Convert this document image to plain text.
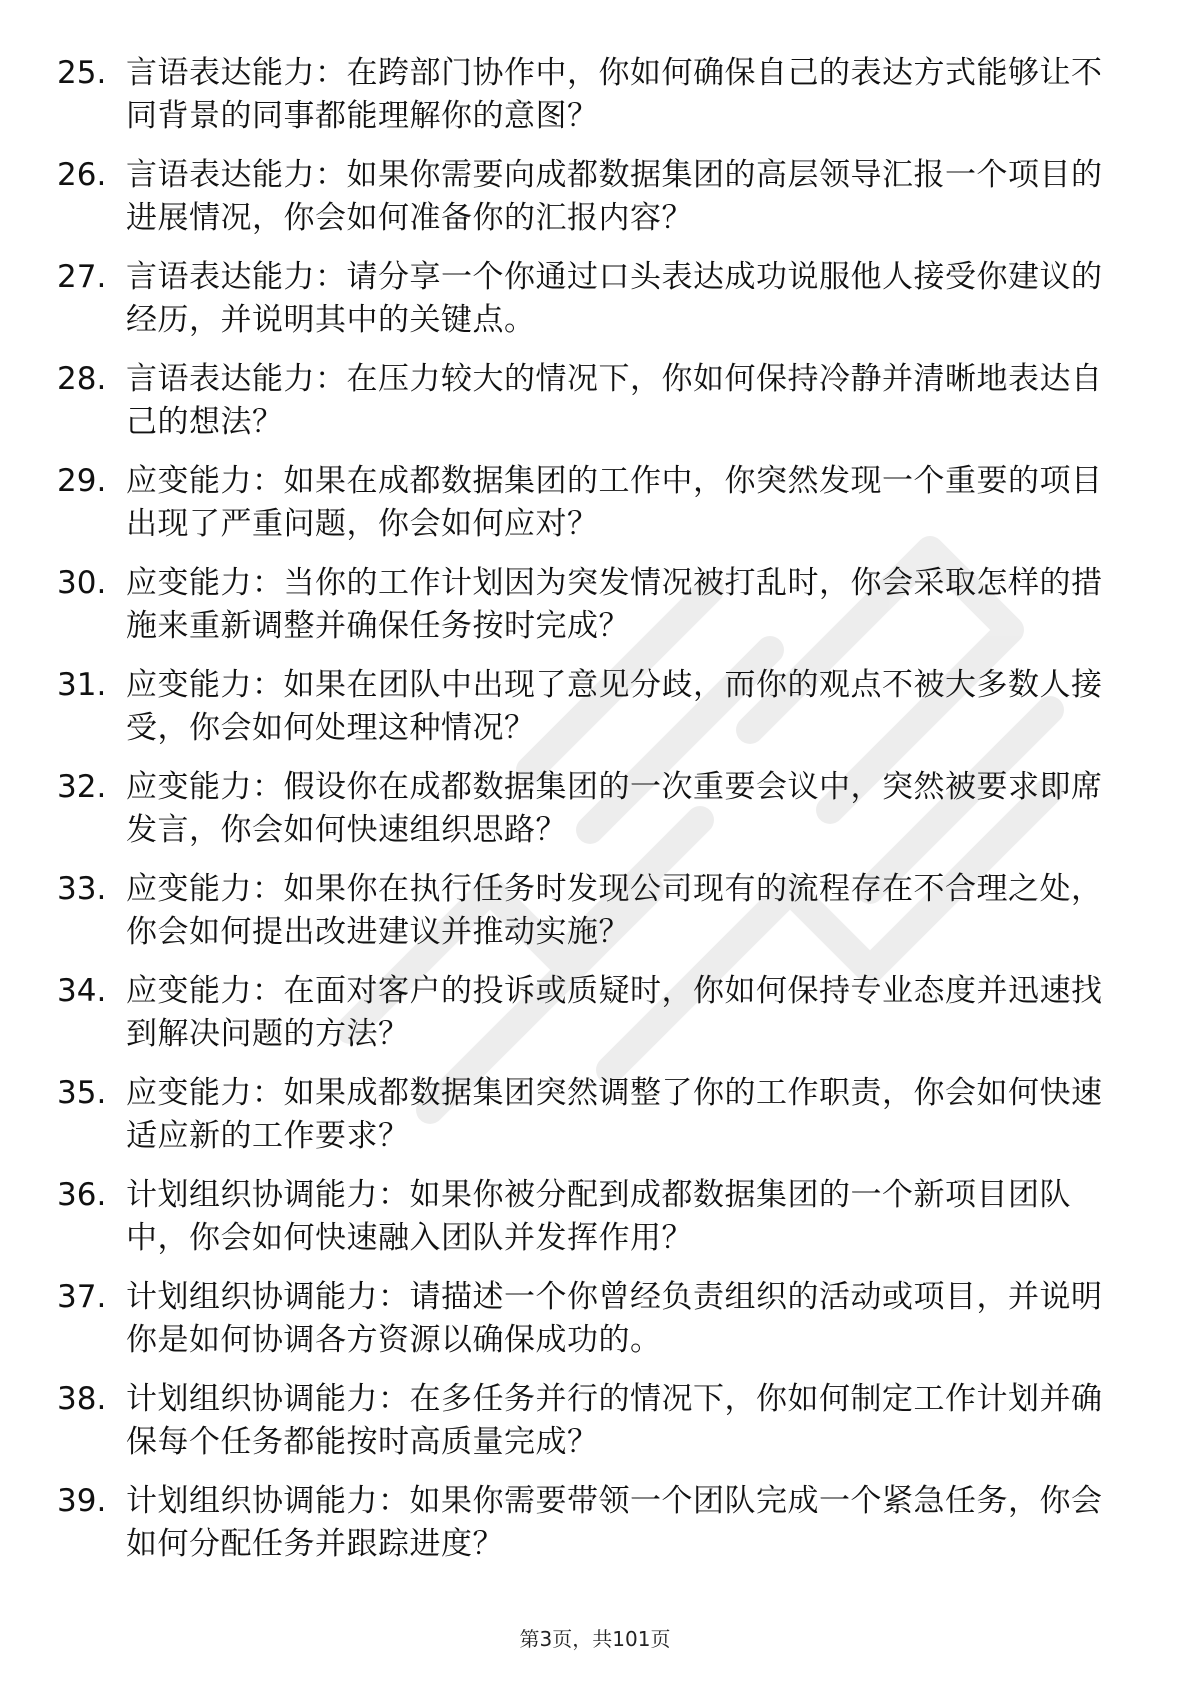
25. 言语表达能力：在跨部门协作中，你如何确保自己的表达方式能够让不同背景的同事都能理解你的意图？
26. 言语表达能力：如果你需要向成都数据集团的高层领导汇报一个项目的进展情况，你会如何准备你的汇报内容？
27. 言语表达能力：请分享一个你通过口头表达成功说服他人接受你建议的经历，并说明其中的关键点。
28. 言语表达能力：在压力较大的情况下，你如何保持冷静并清晰地表达自己的想法？
29. 应变能力：如果在成都数据集团的工作中，你突然发现一个重要的项目出现了严重问题，你会如何应对？
30. 应变能力：当你的工作计划因为突发情况被打乱时，你会采取怎样的措施来重新调整并确保任务按时完成？
31. 应变能力：如果在团队中出现了意见分歧，而你的观点不被大多数人接受，你会如何处理这种情况？
32. 应变能力：假设你在成都数据集团的一次重要会议中，突然被要求即席发言，你会如何快速组织思路？
33. 应变能力：如果你在执行任务时发现公司现有的流程存在不合理之处，你会如何提出改进建议并推动实施？
34. 应变能力：在面对客户的投诉或质疑时，你如何保持专业态度并迅速找到解决问题的方法？
35. 应变能力：如果成都数据集团突然调整了你的工作职责，你会如何快速适应新的工作要求？
36. 计划组织协调能力：如果你被分配到成都数据集团的一个新项目团队中，你会如何快速融入团队并发挥作用？
37. 计划组织协调能力：请描述一个你曾经负责组织的活动或项目，并说明你是如何协调各方资源以确保成功的。
38. 计划组织协调能力：在多任务并行的情况下，你如何制定工作计划并确保每个任务都能按时高质量完成？
39. 计划组织协调能力：如果你需要带领一个团队完成一个紧急任务，你会如何分配任务并跟踪进度？
第3页，共101页
